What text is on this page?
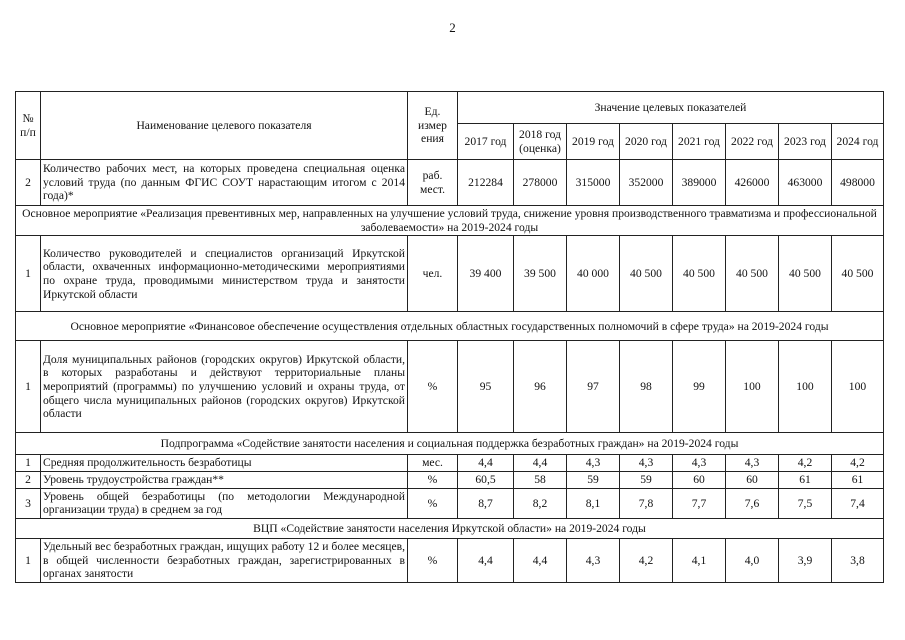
2
№ п/п	Наименование целевого показателя	Ед. измер ения	Значение целевых показателей							
			2017 год	2018 год (оценка)	2019 год	2020 год	2021 год	2022 год	2023 год	2024 год
2	Количество рабочих мест, на которых проведена специальная оценка условий труда (по данным ФГИС СОУТ нарастающим итогом с 2014 года)*	раб. мест.	212284	278000	315000	352000	389000	426000	463000	498000
Основное мероприятие «Реализация превентивных мер, направленных на улучшение условий труда, снижение уровня производственного травматизма и профессиональной заболеваемости» на 2019-2024 годы										
1	Количество руководителей и специалистов организаций Иркутской области, охваченных информационно-методическими мероприятиями по охране труда, проводимыми министерством труда и занятости Иркутской области	чел.	39 400	39 500	40 000	40 500	40 500	40 500	40 500	40 500
Основное мероприятие «Финансовое обеспечение осуществления отдельных областных государственных полномочий в сфере труда» на 2019-2024 годы										
1	Доля муниципальных районов (городских округов) Иркутской области, в которых разработаны и действуют территориальные планы мероприятий (программы) по улучшению условий и охраны труда, от общего числа муниципальных районов (городских округов) Иркутской области	%	95	96	97	98	99	100	100	100
Подпрограмма «Содействие занятости населения и социальная поддержка безработных граждан» на 2019-2024 годы										
1	Средняя продолжительность безработицы	мес.	4,4	4,4	4,3	4,3	4,3	4,3	4,2	4,2
2	Уровень трудоустройства граждан**	%	60,5	58	59	59	60	60	61	61
3	Уровень общей безработицы (по методологии Международной организации труда) в среднем за год	%	8,7	8,2	8,1	7,8	7,7	7,6	7,5	7,4
ВЦП «Содействие занятости населения Иркутской области» на 2019-2024 годы										
1	Удельный вес безработных граждан, ищущих работу 12 и более месяцев, в общей численности безработных граждан, зарегистрированных в органах занятости	%	4,4	4,4	4,3	4,2	4,1	4,0	3,9	3,8
